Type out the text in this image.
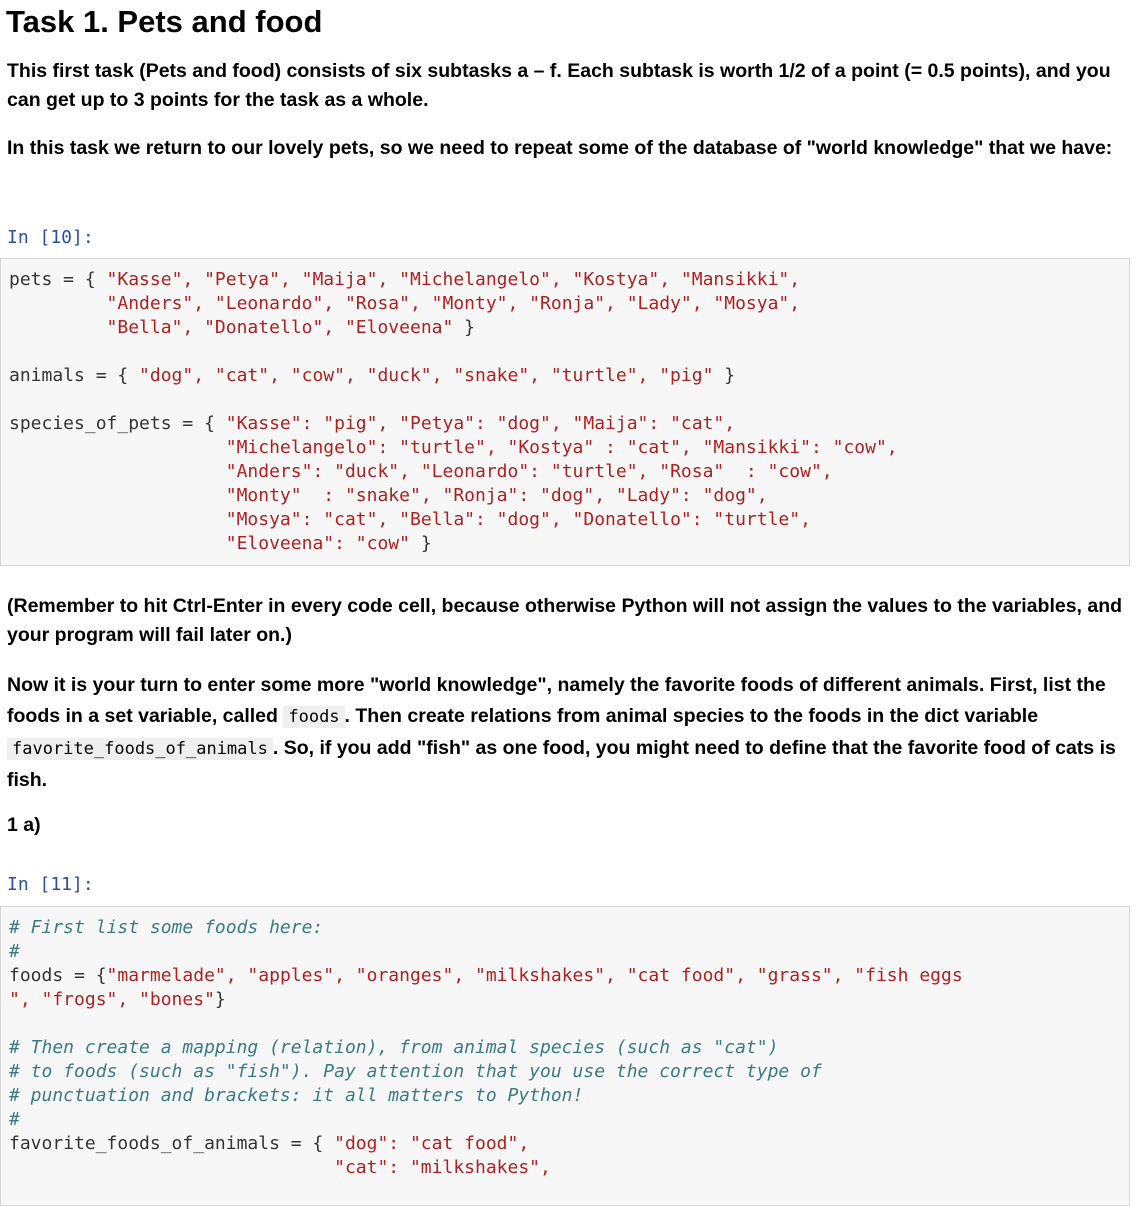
Task 1. Pets and food
This first task (Pets and food) consists of six subtasks a – f. Each subtask is worth 1/2 of a point (= 0.5 points), and you can get up to 3 points for the task as a whole.
In this task we return to our lovely pets, so we need to repeat some of the database of "world knowledge" that we have:
In [10]:
pets = { "Kasse", "Petya", "Maija", "Michelangelo", "Kostya", "Mansikki",
"Anders", "Leonardo", "Rosa", "Monty", "Ronja", "Lady", "Mosya",
"Bella", "Donatello", "Eloveena" }

animals = { "dog", "cat", "cow", "duck", "snake", "turtle", "pig" }

species_of_pets = { "Kasse": "pig", "Petya": "dog", "Maija": "cat",
"Michelangelo": "turtle", "Kostya" : "cat", "Mansikki": "cow",
"Anders": "duck", "Leonardo": "turtle", "Rosa"  : "cow",
"Monty"  : "snake", "Ronja": "dog", "Lady": "dog",
"Mosya": "cat", "Bella": "dog", "Donatello": "turtle",
"Eloveena": "cow" }
(Remember to hit Ctrl-Enter in every code cell, because otherwise Python will not assign the values to the variables, and your program will fail later on.)
Now it is your turn to enter some more "world knowledge", namely the favorite foods of different animals. First, list the foods in a set variable, called foods . Then create relations from animal species to the foods in the dict variable favorite_foods_of_animals . So, if you add "fish" as one food, you might need to define that the favorite food of cats is fish.
1 a)
In [11]:
# First list some foods here:
#
foods = {"marmelade", "apples", "oranges", "milkshakes", "cat food", "grass", "fish eggs
", "frogs", "bones"}

# Then create a mapping (relation), from animal species (such as "cat")
# to foods (such as "fish"). Pay attention that you use the correct type of
# punctuation and brackets: it all matters to Python!
#
favorite_foods_of_animals = { "dog": "cat food",
"cat": "milkshakes",
